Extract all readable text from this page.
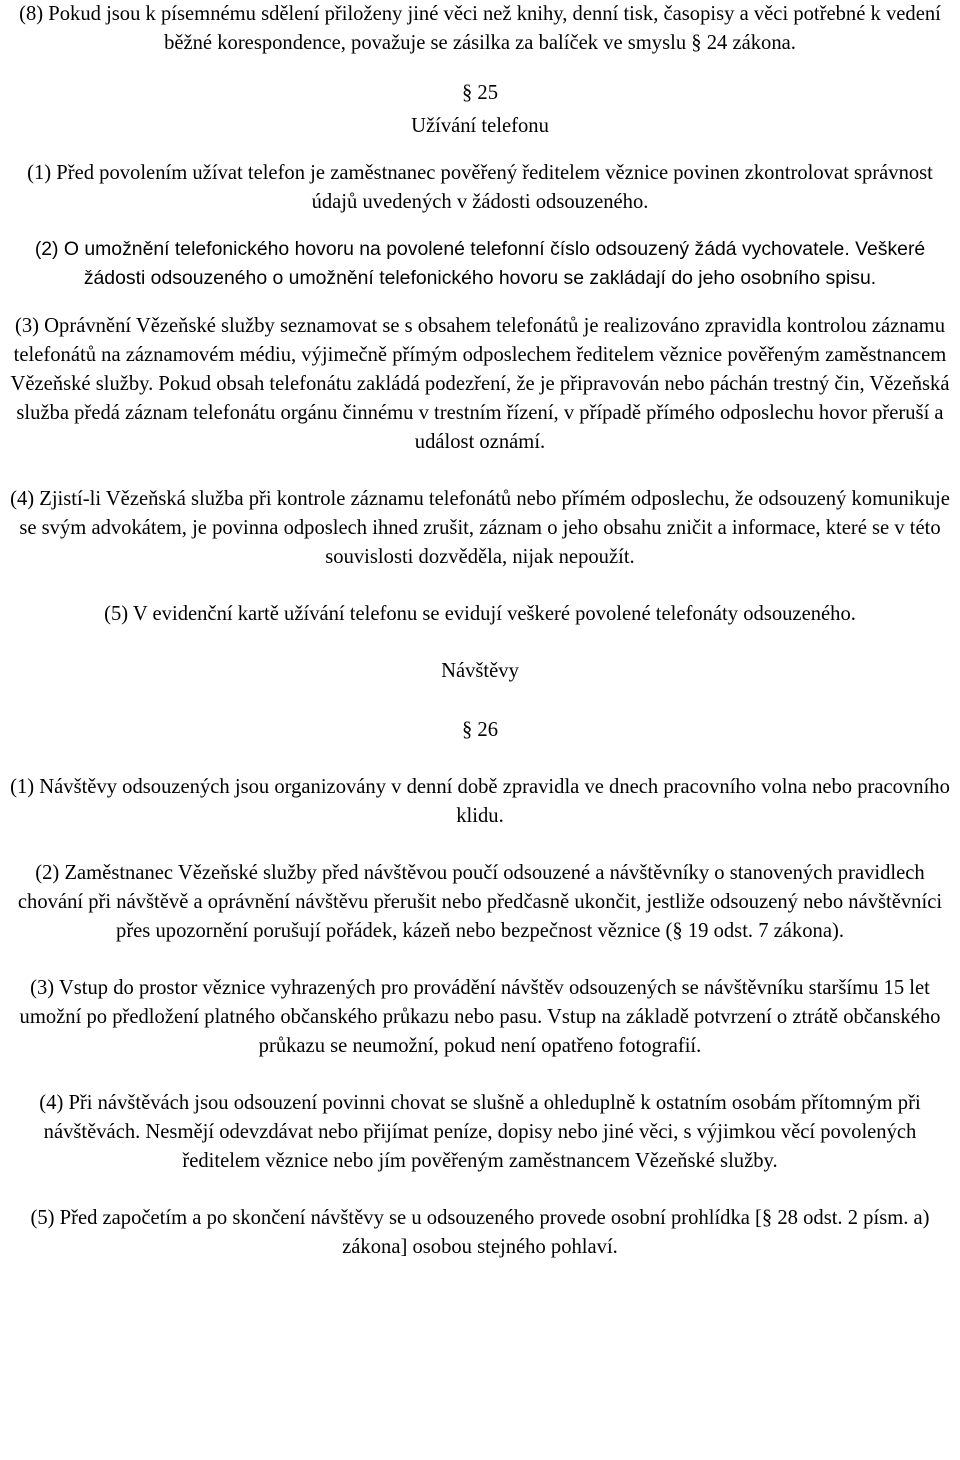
(8) Pokud jsou k písemnému sdělení přiloženy jiné věci než knihy, denní tisk, časopisy a věci potřebné k vedení běžné korespondence, považuje se zásilka za balíček ve smyslu § 24 zákona.

§ 25

Užívání telefonu

(1) Před povolením užívat telefon je zaměstnanec pověřený ředitelem věznice povinen zkontrolovat správnost údajů uvedených v žádosti odsouzeného.

(2) O umožnění telefonického hovoru na povolené telefonní číslo odsouzený žádá vychovatele. Veškeré žádosti odsouzeného o umožnění telefonického hovoru se zakládají do jeho osobního spisu.

(3) Oprávnění Vězeňské služby seznamovat se s obsahem telefonátů je realizováno zpravidla kontrolou záznamu telefonátů na záznamovém médiu, výjimečně přímým odposlechem ředitelem věznice pověřeným zaměstnancem Vězeňské služby. Pokud obsah telefonátu zakládá podezření, že je připravován nebo páchán trestný čin, Vězeňská služba předá záznam telefonátu orgánu činnému v trestním řízení, v případě přímého odposlechu hovor přeruší a událost oznámí.

(4) Zjistí-li Vězeňská služba při kontrole záznamu telefonátů nebo přímém odposlechu, že odsouzený komunikuje se svým advokátem, je povinna odposlech ihned zrušit, záznam o jeho obsahu zničit a informace, které se v této souvislosti dozvěděla, nijak nepoužít.

(5) V evidenční kartě užívání telefonu se evidují veškeré povolené telefonáty odsouzeného.

Návštěvy

§ 26

(1) Návštěvy odsouzených jsou organizovány v denní době zpravidla ve dnech pracovního volna nebo pracovního klidu.

(2) Zaměstnanec Vězeňské služby před návštěvou poučí odsouzené a návštěvníky o stanovených pravidlech chování při návštěvě a oprávnění návštěvu přerušit nebo předčasně ukončit, jestliže odsouzený nebo návštěvníci přes upozornění porušují pořádek, kázeň nebo bezpečnost věznice (§ 19 odst. 7 zákona).

(3) Vstup do prostor věznice vyhrazených pro provádění návštěv odsouzených se návštěvníku staršímu 15 let umožní po předložení platného občanského průkazu nebo pasu. Vstup na základě potvrzení o ztrátě občanského průkazu se neumožní, pokud není opatřeno fotografií.

(4) Při návštěvách jsou odsouzení povinni chovat se slušně a ohleduplně k ostatním osobám přítomným při návštěvách. Nesmějí odevzdávat nebo přijímat peníze, dopisy nebo jiné věci, s výjimkou věcí povolených ředitelem věznice nebo jím pověřeným zaměstnancem Vězeňské služby.

(5) Před započetím a po skončení návštěvy se u odsouzeného provede osobní prohlídka [§ 28 odst. 2 písm. a) zákona] osobou stejného pohlaví.
